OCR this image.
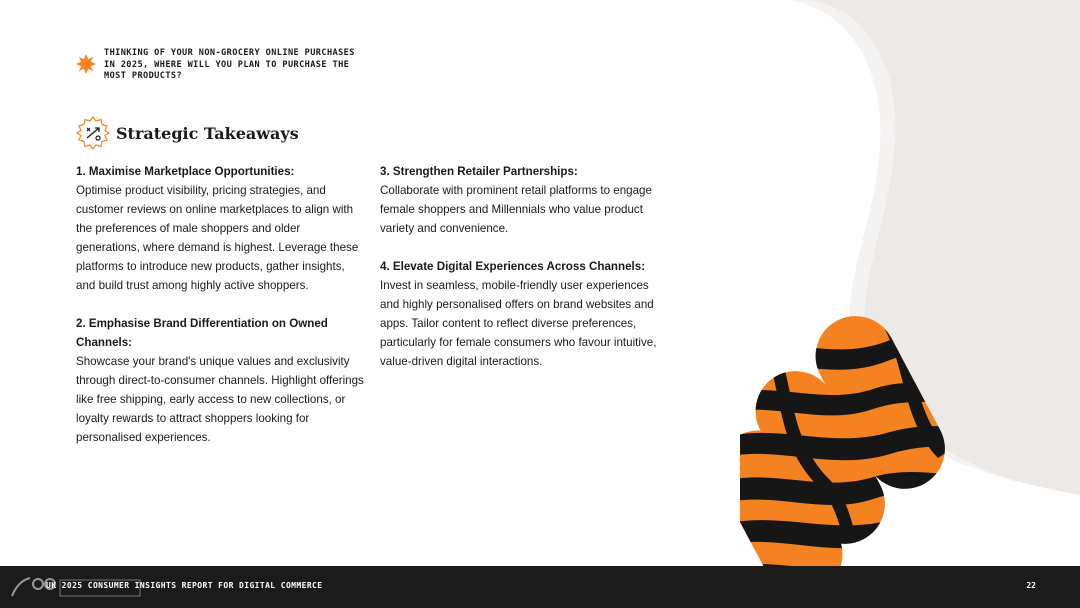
THINKING OF YOUR NON-GROCERY ONLINE PURCHASES IN 2025, WHERE WILL YOU PLAN TO PURCHASE THE MOST PRODUCTS?
Strategic Takeaways
1. Maximise Marketplace Opportunities:
Optimise product visibility, pricing strategies, and customer reviews on online marketplaces to align with the preferences of male shoppers and older generations, where demand is highest. Leverage these platforms to introduce new products, gather insights, and build trust among highly active shoppers.
2. Emphasise Brand Differentiation on Owned Channels:
Showcase your brand's unique values and exclusivity through direct-to-consumer channels. Highlight offerings like free shipping, early access to new collections, or loyalty rewards to attract shoppers looking for personalised experiences.
3. Strengthen Retailer Partnerships:
Collaborate with prominent retail platforms to engage female shoppers and Millennials who value product variety and convenience.
4. Elevate Digital Experiences Across Channels:
Invest in seamless, mobile-friendly user experiences and highly personalised offers on brand websites and apps. Tailor content to reflect diverse preferences, particularly for female consumers who favour intuitive, value-driven digital interactions.
UK 2025 CONSUMER INSIGHTS REPORT FOR DIGITAL COMMERCE	22
